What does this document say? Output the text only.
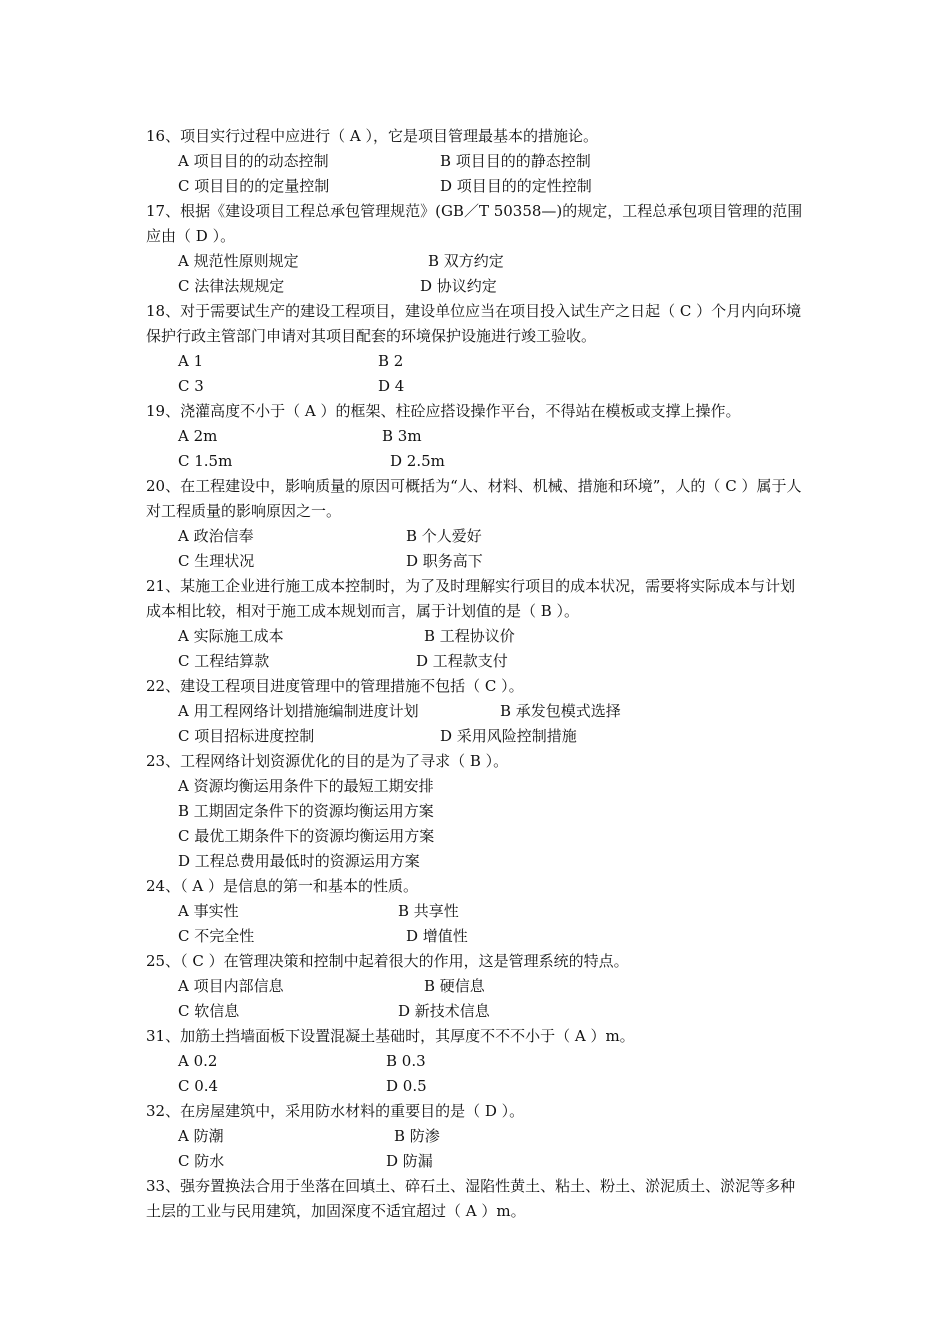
16、项目实行过程中应进行（ A ），它是项目管理最基本的措施论。

A 项目目的的动态控制	B 项目目的的静态控制
C 项目目的的定量控制	D 项目目的的定性控制

17、根据《建设项目工程总承包管理规范》(GB／T 50358—)的规定，工程总承包项目管理的范围应由（ D ）。

A 规范性原则规定	B 双方约定
C 法律法规规定	D 协议约定

18、对于需要试生产的建设工程项目，建设单位应当在项目投入试生产之日起（ C ）个月内向环境保护行政主管部门申请对其项目配套的环境保护设施进行竣工验收。

A 1	B 2
C 3	D 4

19、浇灌高度不小于（ A ）的框架、柱砼应搭设操作平台，不得站在模板或支撑上操作。

A 2m	B 3m
C 1.5m	D 2.5m

20、在工程建设中，影响质量的原因可概括为“人、材料、机械、措施和环境”，人的（ C ）属于人对工程质量的影响原因之一。

A 政治信奉	B 个人爱好
C 生理状况	D 职务高下

21、某施工企业进行施工成本控制时，为了及时理解实行项目的成本状况，需要将实际成本与计划成本相比较，相对于施工成本规划而言，属于计划值的是（ B ）。

A 实际施工成本	B 工程协议价
C 工程结算款	D 工程款支付

22、建设工程项目进度管理中的管理措施不包括（ C ）。

A 用工程网络计划措施编制进度计划	B 承发包模式选择
C 项目招标进度控制	D 采用风险控制措施

23、工程网络计划资源优化的目的是为了寻求（ B ）。

A 资源均衡运用条件下的最短工期安排
B 工期固定条件下的资源均衡运用方案
C 最优工期条件下的资源均衡运用方案
D 工程总费用最低时的资源运用方案

24、（ A ）是信息的第一和基本的性质。

A 事实性	B 共享性
C 不完全性	D 增值性

25、（ C ）在管理决策和控制中起着很大的作用，这是管理系统的特点。

A 项目内部信息	B 硬信息
C 软信息	D 新技术信息

31、加筋土挡墙面板下设置混凝土基础时，其厚度不不不小于（ A ）m。

A 0.2	B 0.3
C 0.4	D 0.5

32、在房屋建筑中，采用防水材料的重要目的是（ D ）。

A 防潮	B 防渗
C 防水	D 防漏

33、强夯置换法合用于坐落在回填土、碎石土、湿陷性黄土、粘土、粉土、淤泥质土、淤泥等多种土层的工业与民用建筑，加固深度不适宜超过（ A ）m。
